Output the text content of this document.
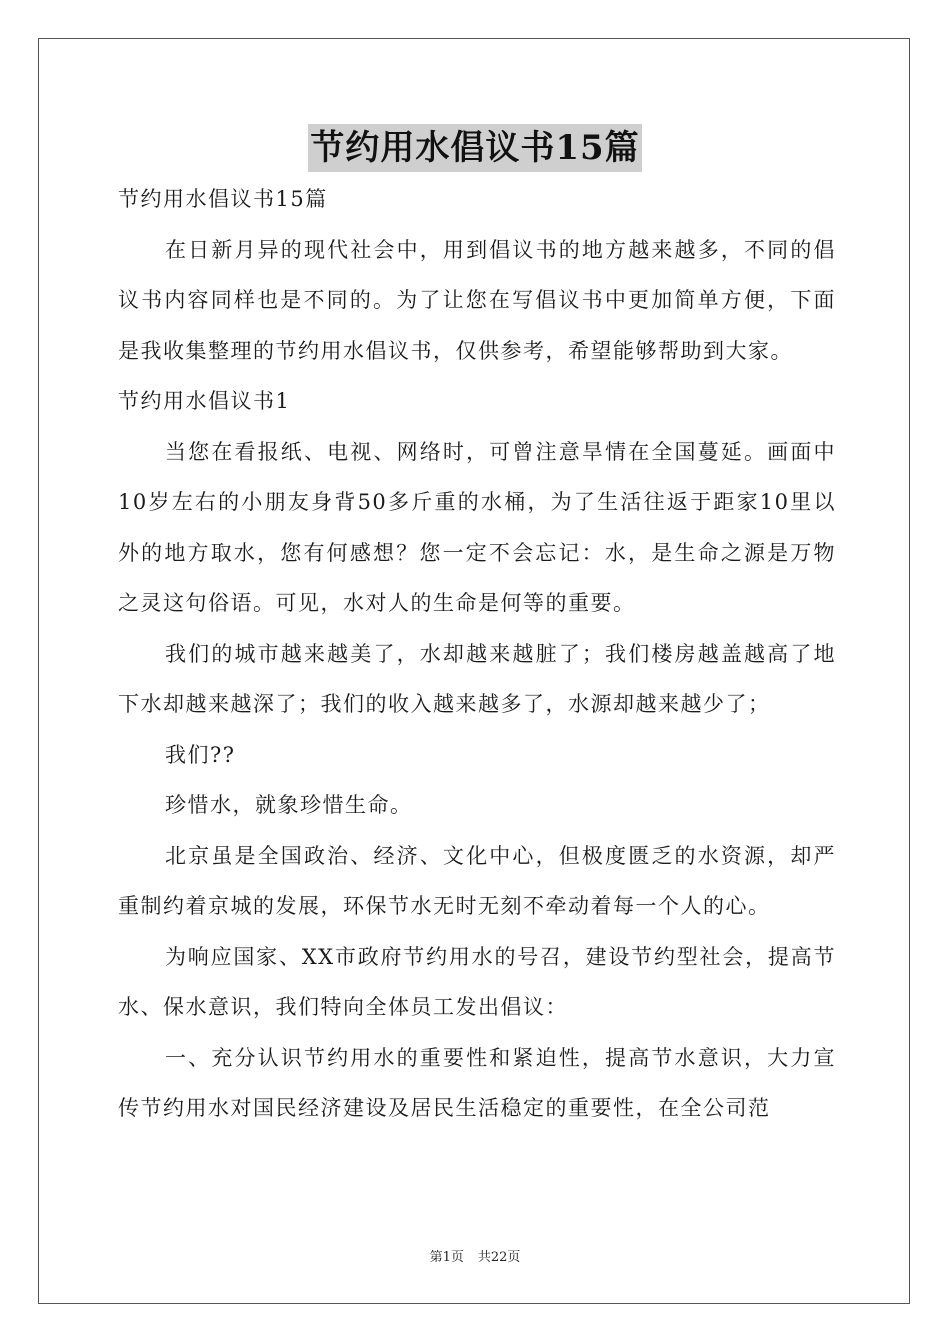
节约用水倡议书15篇

节约用水倡议书15篇

在日新月异的现代社会中，用到倡议书的地方越来越多，不同的倡议书内容同样也是不同的。为了让您在写倡议书中更加简单方便，下面是我收集整理的节约用水倡议书，仅供参考，希望能够帮助到大家。

节约用水倡议书1

当您在看报纸、电视、网络时，可曾注意旱情在全国蔓延。画面中10岁左右的小朋友身背50多斤重的水桶，为了生活往返于距家10里以外的地方取水，您有何感想？您一定不会忘记：水，是生命之源是万物之灵这句俗语。可见，水对人的生命是何等的重要。

我们的城市越来越美了，水却越来越脏了；我们楼房越盖越高了地下水却越来越深了；我们的收入越来越多了，水源却越来越少了；

我们??

珍惜水，就象珍惜生命。

北京虽是全国政治、经济、文化中心，但极度匮乏的水资源，却严重制约着京城的发展，环保节水无时无刻不牵动着每一个人的心。

为响应国家、XX市政府节约用水的号召，建设节约型社会，提高节水、保水意识，我们特向全体员工发出倡议：

一、充分认识节约用水的重要性和紧迫性，提高节水意识，大力宣传节约用水对国民经济建设及居民生活稳定的重要性，在全公司范

第1页 共22页
